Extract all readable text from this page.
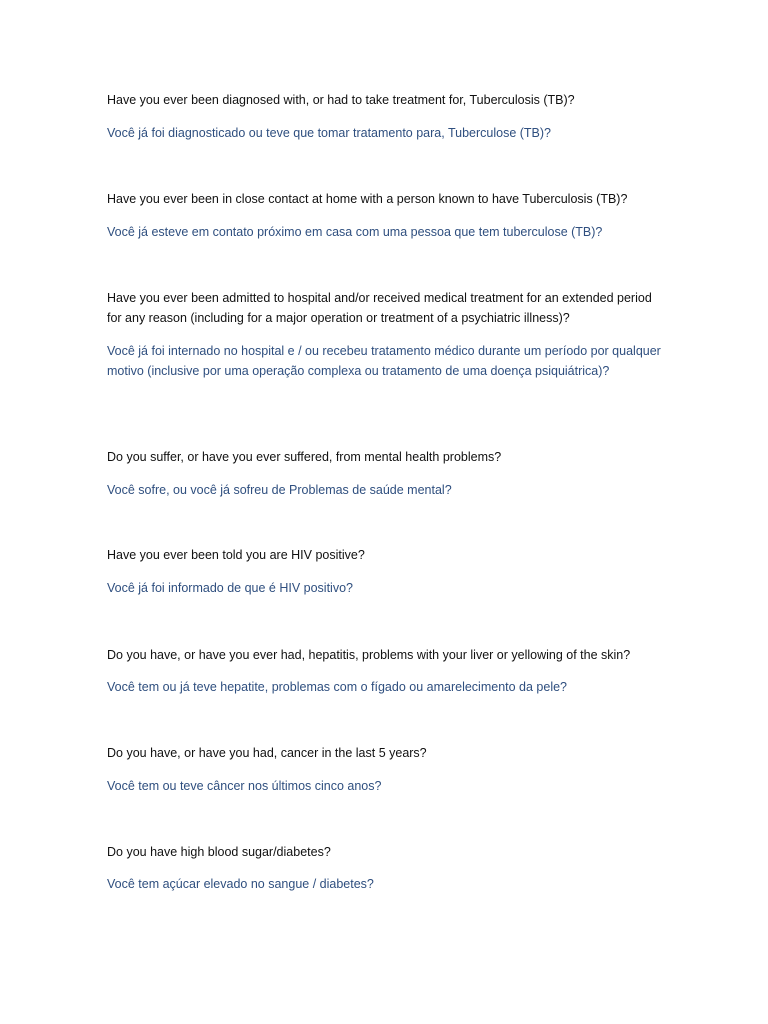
Have you ever been diagnosed with, or had to take treatment for, Tuberculosis (TB)?

Você já foi diagnosticado ou teve que tomar tratamento para, Tuberculose (TB)?

Have you ever been in close contact at home with a person known to have Tuberculosis (TB)?

Você já esteve em contato próximo em casa com uma pessoa que tem tuberculose (TB)?

Have you ever been admitted to hospital and/or received medical treatment for an extended period for any reason (including for a major operation or treatment of a psychiatric illness)?

Você já foi internado no hospital e / ou recebeu tratamento médico durante um período por qualquer motivo (inclusive por uma operação complexa ou tratamento de uma doença psiquiátrica)?

Do you suffer, or have you ever suffered, from mental health problems?

Você sofre, ou você já sofreu de Problemas de saúde mental?

Have you ever been told you are HIV positive?

Você já foi informado de que é HIV positivo?

Do you have, or have you ever had, hepatitis, problems with your liver or yellowing of the skin?

Você tem ou já teve hepatite, problemas com o fígado ou amarelecimento da pele?

Do you have, or have you had, cancer in the last 5 years?

Você tem ou teve câncer nos últimos cinco anos?

Do you have high blood sugar/diabetes?

Você tem açúcar elevado no sangue / diabetes?
